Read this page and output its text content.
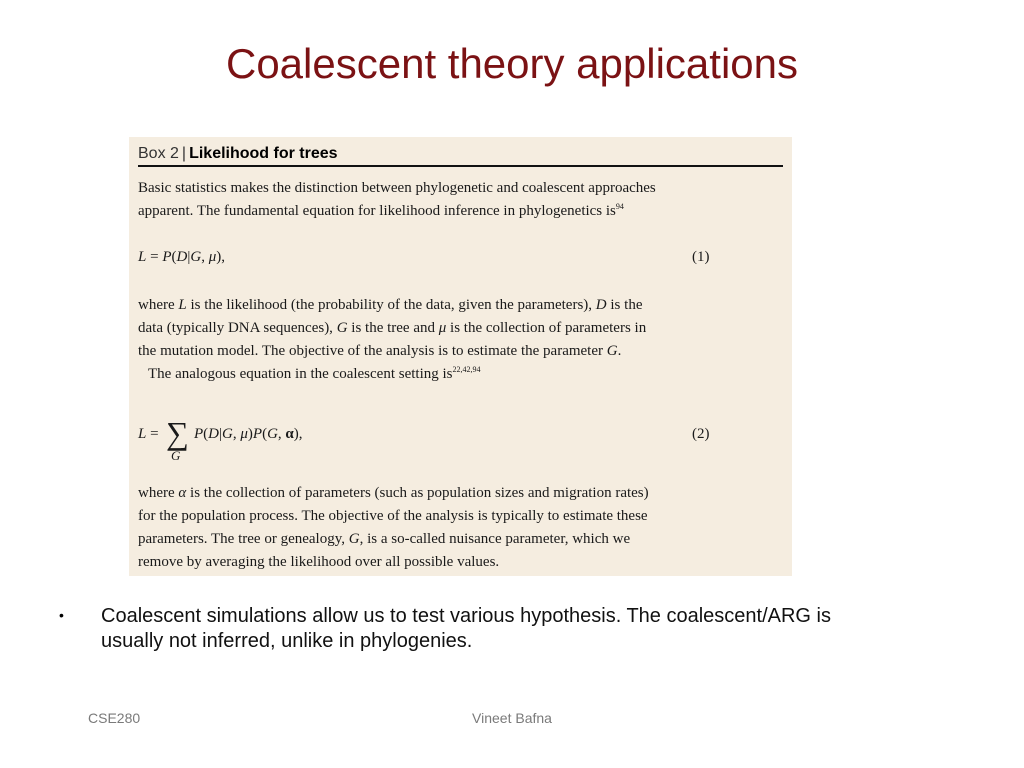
Coalescent theory applications
Box 2 | Likelihood for trees

Basic statistics makes the distinction between phylogenetic and coalescent approaches
apparent. The fundamental equation for likelihood inference in phylogenetics $is^{94}$

L = P(D|G, μ),	(1)

where L is the likelihood (the probability of the data, given the parameters), D is the
data (typically DNA sequences), G is the tree and μ is the collection of parameters in
the mutation model. The objective of the analysis is to estimate the parameter G.
The analogous equation in the coalescent setting is$^{22,42,94}$

L = ∑
G
P(D|G, μ)P(G, α),	(2)

where α is the collection of parameters (such as population sizes and migration rates)
for the population process. The objective of the analysis is typically to estimate these
parameters. The tree or genealogy, G, is a so-called nuisance parameter, which we
remove by averaging the likelihood over all possible values.

• Coalescent simulations allow us to test various hypothesis. The coalescent/ARG is usually not inferred, unlike in phylogenies.
CSE280	Vineet Bafna
